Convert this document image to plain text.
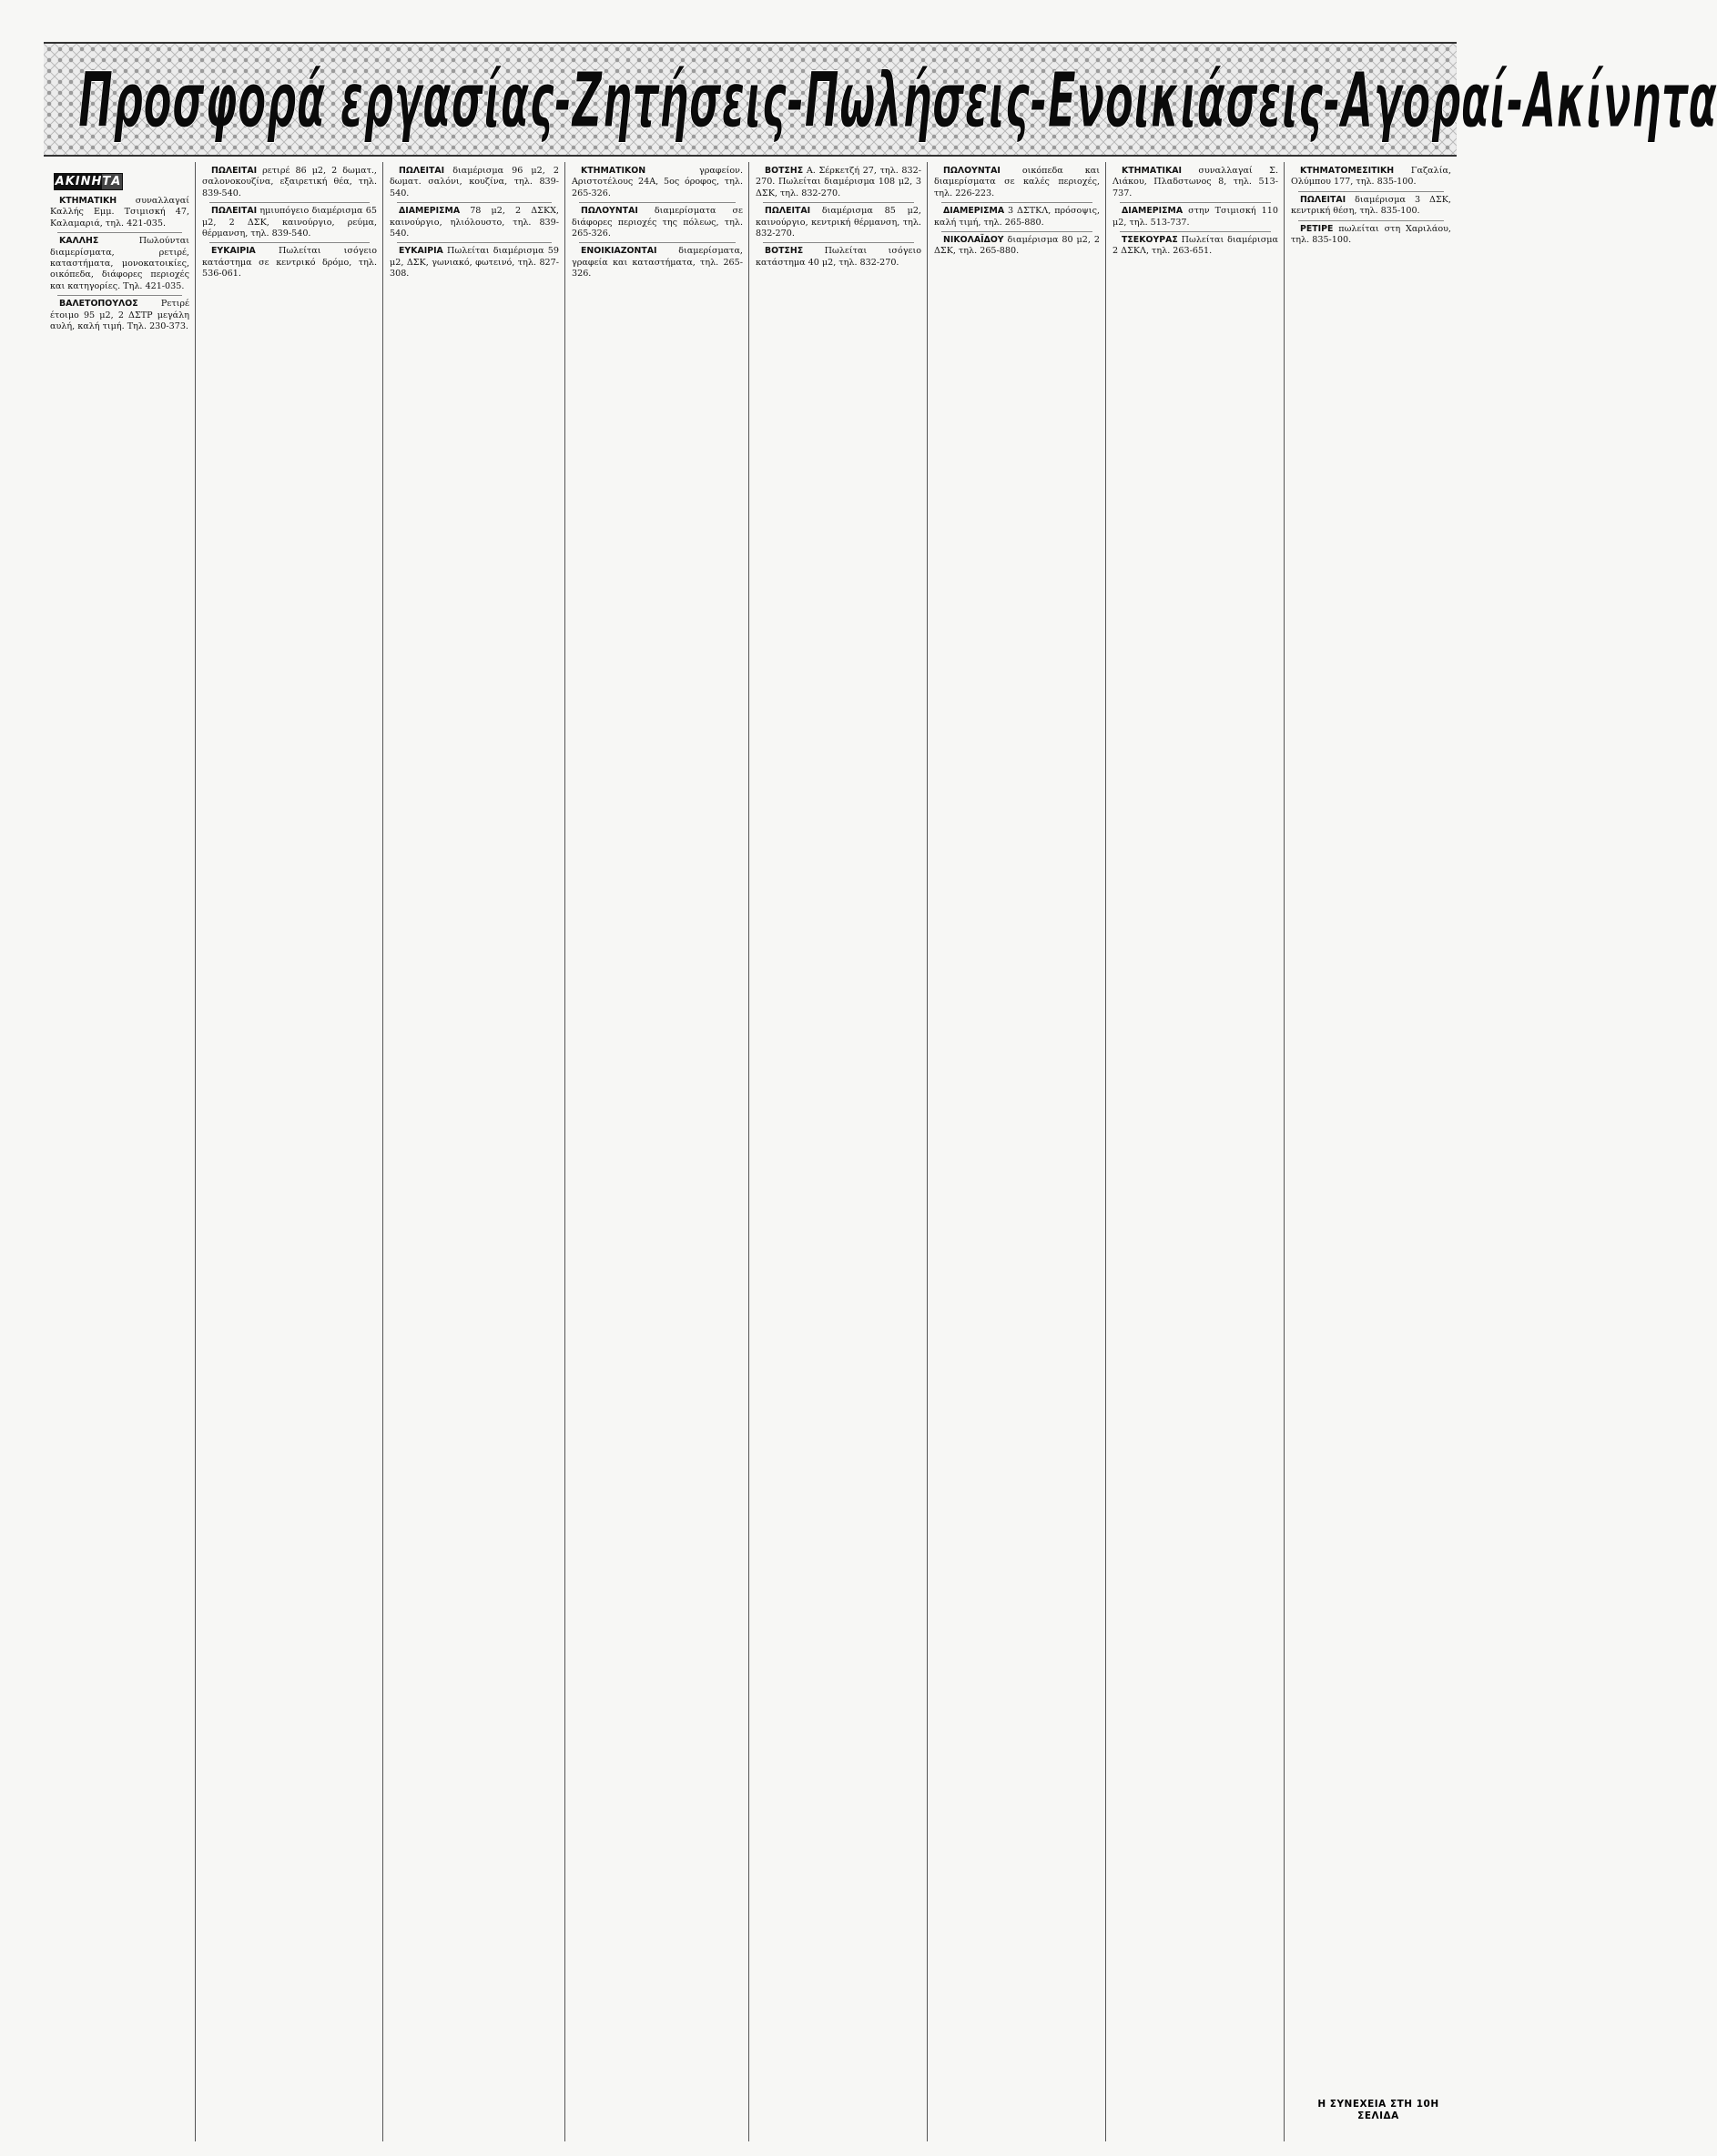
Προσφορά εργασίας-Ζητήσεις-Πωλήσεις-Ενοικιάσεις-Αγοραί-Ακίνητα
ΑΚΙΝΗΤΑ

ΚΤΗΜΑΤΙΚΗ συναλλαγαί Καλλής Εμμ. Τσιμισκή 47, Καλαμαριά, τηλ. 421-035.

ΚΑΛΛΗΣ	Πωλούνται διαμερίσματα, ρετιρέ, καταστήματα, μονοκατοικίες, οικόπεδα, διάφορες περιοχές και κατηγορίες. Τηλ. 421-035.

ΒΑΛΕΤΟΠΟΥΛΟΣ	Ρετιρέ έτοιμο 95 μ2, 2 ΔΣΤΡ μεγάλη αυλή, καλή τιμή. Τηλ. 230-373.

ΠΩΛΕΙΤΑΙ ρετιρέ 86 μ2, 2 δωματ., σαλονοκουζίνα, εξαιρετική θέα, τηλ. 839-540.

ΠΩΛΕΙΤΑΙ ημιυπόγειο διαμέρισμα 65 μ2, 2 ΔΣΚ, καινούργιο, ρεύμα, θέρμανση, τηλ. 839-540.

ΕΥΚΑΙΡΙΑ	Πωλείται ισόγειο κατάστημα σε κεντρικό δρόμο, τηλ. 536-061.

ΠΩΛΕΙΤΑΙ διαμέρισμα 96 μ2, 2 δωματ. σαλόνι, κουζίνα, τηλ. 839-540.

ΔΙΑΜΕΡΙΣΜΑ 78 μ2, 2 ΔΣΚΧ, καινούργιο, ηλιόλουστο, τηλ. 839-540.

ΕΥΚΑΙΡΙΑ Πωλείται διαμέρισμα 59 μ2, ΔΣΚ, γωνιακό, φωτεινό, τηλ. 827-308.

ΚΤΗΜΑΤΙΚΟΝ	γραφείον. Αριστοτέλους 24Α, 5ος όροφος, τηλ. 265-326.

ΠΩΛΟΥΝΤΑΙ διαμερίσματα σε διάφορες περιοχές της πόλεως, τηλ. 265-326.

ΕΝΟΙΚΙΑΖΟΝΤΑΙ διαμερίσματα, γραφεία και καταστήματα, τηλ. 265-326.

ΒΟΤΣΗΣ Α. Σέρκετζή 27, τηλ. 832-270. Πωλείται διαμέρισμα 108 μ2, 3 ΔΣΚ, τηλ. 832-270.

ΠΩΛΕΙΤΑΙ διαμέρισμα 85 μ2, καινούργιο, κεντρική θέρμανση, τηλ. 832-270.

ΒΟΤΣΗΣ Πωλείται ισόγειο κατάστημα 40 μ2, τηλ. 832-270.

ΠΩΛΟΥΝΤΑΙ	οικόπεδα και διαμερίσματα σε καλές περιοχές, τηλ. 226-223.

ΔΙΑΜΕΡΙΣΜΑ 3 ΔΣΤΚΛ, πρόσοψις, καλή τιμή, τηλ. 265-880.

ΝΙΚΟΛΑΪΔΟΥ διαμέρισμα 80 μ2, 2 ΔΣΚ, τηλ. 265-880.

ΚΤΗΜΑΤΙΚΑΙ συναλλαγαί Σ. Λιάκου, Πλαδστωνος 8, τηλ. 513-737.

ΔΙΑΜΕΡΙΣΜΑ στην Τσιμισκή 110 μ2, τηλ. 513-737.

ΤΣΕΚΟΥΡΑΣ Πωλείται διαμέρισμα 2 ΔΣΚΛ, τηλ. 263-651.

ΚΤΗΜΑΤΟΜΕΣΙΤΙΚΗ Γαζαλία, Ολύμπου 177, τηλ. 835-100.

ΠΩΛΕΙΤΑΙ διαμέρισμα 3 ΔΣΚ, κεντρική θέση, τηλ. 835-100.

ΡΕΤΙΡΕ πωλείται στη Χαριλάου, τηλ. 835-100.

Η ΣΥΝΕΧΕΙΑ ΣΤΗ 10Η ΣΕΛΙΔΑ
